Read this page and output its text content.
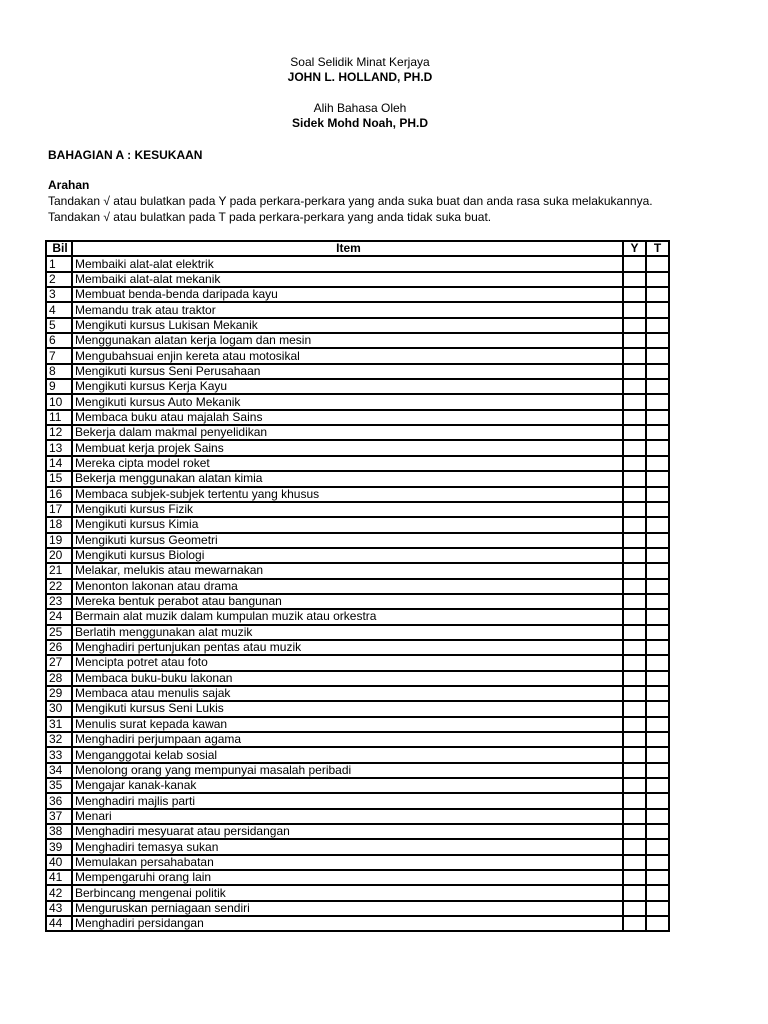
Soal Selidik Minat Kerjaya
JOHN L. HOLLAND, PH.D
Alih Bahasa Oleh
Sidek Mohd Noah, PH.D
BAHAGIAN A : KESUKAAN
Arahan
Tandakan √ atau bulatkan pada Y pada perkara-perkara yang anda suka buat dan anda rasa suka melakukannya. Tandakan √ atau bulatkan pada T pada perkara-perkara yang anda tidak suka buat.
Bil	Item	Y	T
1	Membaiki alat-alat elektrik		
2	Membaiki alat-alat mekanik		
3	Membuat benda-benda daripada kayu		
4	Memandu trak atau traktor		
5	Mengikuti kursus Lukisan Mekanik		
6	Menggunakan alatan kerja logam dan mesin		
7	Mengubahsuai enjin kereta atau motosikal		
8	Mengikuti kursus Seni Perusahaan		
9	Mengikuti kursus Kerja Kayu		
10	Mengikuti kursus Auto Mekanik		
11	Membaca buku atau majalah Sains		
12	Bekerja dalam makmal penyelidikan		
13	Membuat kerja projek Sains		
14	Mereka cipta model roket		
15	Bekerja menggunakan alatan kimia		
16	Membaca subjek-subjek tertentu yang khusus		
17	Mengikuti kursus Fizik		
18	Mengikuti kursus Kimia		
19	Mengikuti kursus Geometri		
20	Mengikuti kursus Biologi		
21	Melakar, melukis atau mewarnakan		
22	Menonton lakonan atau drama		
23	Mereka bentuk perabot atau bangunan		
24	Bermain alat muzik dalam kumpulan muzik atau orkestra		
25	Berlatih menggunakan alat muzik		
26	Menghadiri pertunjukan pentas atau muzik		
27	Mencipta potret atau foto		
28	Membaca buku-buku lakonan		
29	Membaca atau menulis sajak		
30	Mengikuti kursus Seni Lukis		
31	Menulis surat kepada kawan		
32	Menghadiri perjumpaan agama		
33	Menganggotai kelab sosial		
34	Menolong orang yang mempunyai masalah peribadi		
35	Mengajar kanak-kanak		
36	Menghadiri majlis parti		
37	Menari		
38	Menghadiri mesyuarat atau persidangan		
39	Menghadiri temasya sukan		
40	Memulakan persahabatan		
41	Mempengaruhi orang lain		
42	Berbincang mengenai politik		
43	Menguruskan perniagaan sendiri		
44	Menghadiri persidangan		
